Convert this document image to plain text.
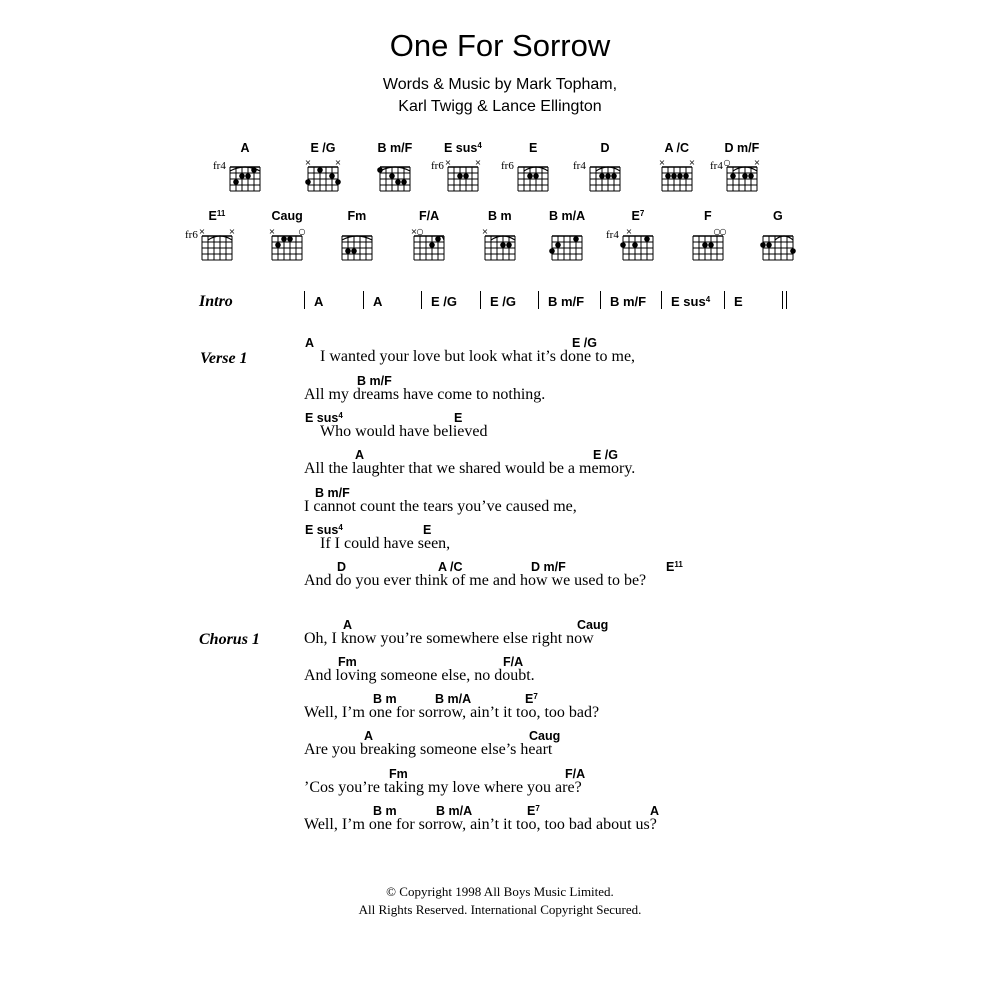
One For Sorrow
Words & Music by Mark Topham,
Karl Twigg & Lance Ellington
A
fr4
E /G
×	×
B m/F	E sus$^4$
fr6 ×	×
E
fr6
D
fr4
A /C
×	×
D m/F
fr4 ○	×
$E^{11}$
fr6 ×	×
Caug
×	○
Fm	F/A
× ○
B m
×
B m/A	$E^7$
fr4 ×
F
○ ○
G
Intro	A	A	E /G	E /G B m/F B m/F E sus$^4$ E
Verse 1
A	E /G
I wanted your love but look what it’s done to me,
B m/F
All my dreams have come to nothing.
E sus$^4$	E
Who would have believed
A	E /G
All the laughter that we shared would be a memory.
B m/F
I cannot count the tears you’ve caused me,
E sus$^4$	E
If I could have seen,
D	A /C	D m/F	$E^{11}$
And do you ever think of me and how we used to be?
Chorus 1
A	Caug
Oh, I know you’re somewhere else right now
Fm	F/A
And loving someone else, no doubt.
B m	B m/A	$E^7$
Well, I’m one for sorrow, ain’t it too, too bad?
A	Caug
Are you breaking someone else’s heart
Fm	F/A
’Cos you’re taking my love where you are?
B m	B m/A	$E^7$	A
Well, I’m one for sorrow, ain’t it too, too bad about us?
© Copyright 1998 All Boys Music Limited.
All Rights Reserved. International Copyright Secured.
